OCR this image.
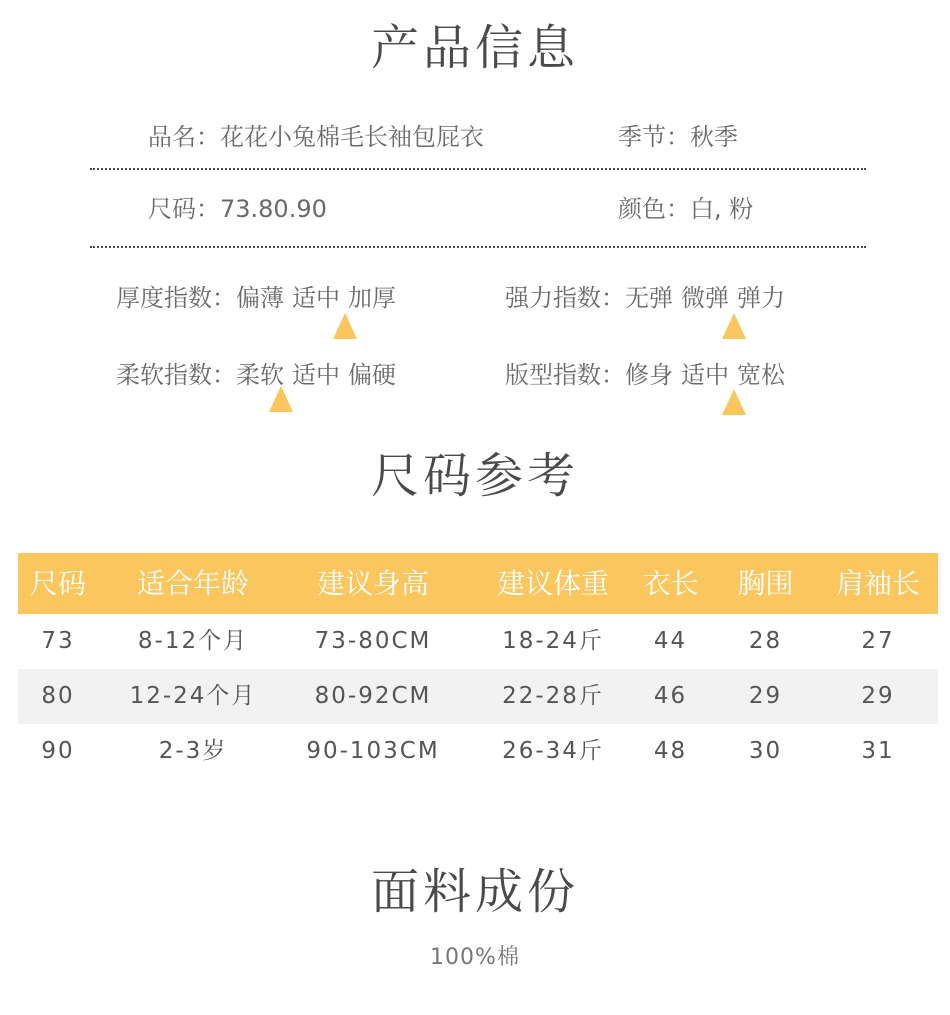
产品信息
品名：花花小兔棉毛长袖包屁衣	季节：秋季
尺码：73.80.90	颜色：白, 粉
厚度指数：偏薄 适中 加厚	强力指数：无弹 微弹 弹力
柔软指数：柔软 适中 偏硬	版型指数：修身 适中 宽松
尺码参考
尺码	适合年龄	建议身高	建议体重	衣长	胸围	肩袖长
73	8-12个月	73-80CM	18-24斤	44	28	27
80	12-24个月	80-92CM	22-28斤	46	29	29
90	2-3岁	90-103CM	26-34斤	48	30	31
面料成份
100%棉
